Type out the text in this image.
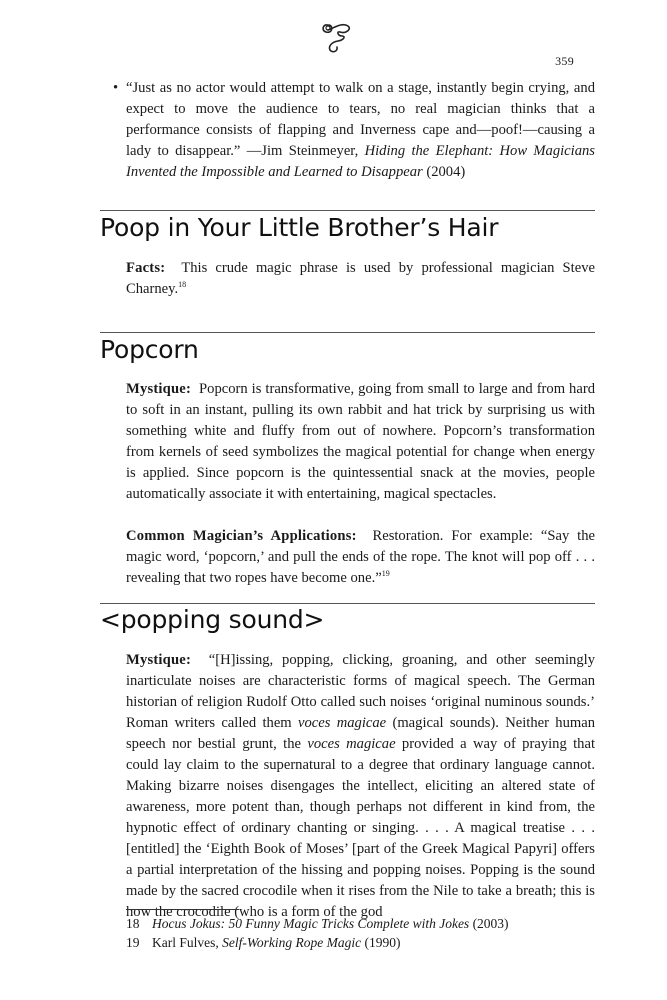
359

• “Just as no actor would attempt to walk on a stage, instantly begin crying, and expect to move the audience to tears, no real magician thinks that a performance consists of flapping and Inverness cape and—poof!—causing a lady to disappear.” —Jim Steinmeyer, Hiding the Elephant: How Magicians Invented the Impossible and Learned to Disappear (2004)

Poop in Your Little Brother’s Hair

Facts: This crude magic phrase is used by professional magician Steve Charney.$^{18}$

Popcorn

Mystique: Popcorn is transformative, going from small to large and from hard to soft in an instant, pulling its own rabbit and hat trick by surprising us with something white and fluffy from out of nowhere. Popcorn’s transformation from kernels of seed symbolizes the magical potential for change when energy is applied. Since popcorn is the quintessential snack at the movies, people automatically associate it with entertaining, magical spectacles.

Common Magician’s Applications: Restoration. For example: “Say the magic word, ‘popcorn,’ and pull the ends of the rope. The knot will pop off . . . revealing that two ropes have become one.”$^{19}$

<popping sound>

Mystique: “[H]issing, popping, clicking, groaning, and other seemingly inarticulate noises are characteristic forms of magical speech. The German historian of religion Rudolf Otto called such noises ‘original numinous sounds.’ Roman writers called them voces magicae (magical sounds). Neither human speech nor bestial grunt, the voces magicae provided a way of praying that could lay claim to the supernatural to a degree that ordinary language cannot. Making bizarre noises disengages the intellect, eliciting an altered state of awareness, more potent than, though perhaps not different in kind from, the hypnotic effect of ordinary chanting or singing. . . . A magical treatise . . . [entitled] the ‘Eighth Book of Moses’ [part of the Greek Magical Papyri] offers a partial interpretation of the hissing and popping noises. Popping is the sound made by the sacred crocodile when it rises from the Nile to take a breath; this is how the crocodile (who is a form of the god

18 Hocus Jokus: 50 Funny Magic Tricks Complete with Jokes (2003)
19 Karl Fulves, Self-Working Rope Magic (1990)
